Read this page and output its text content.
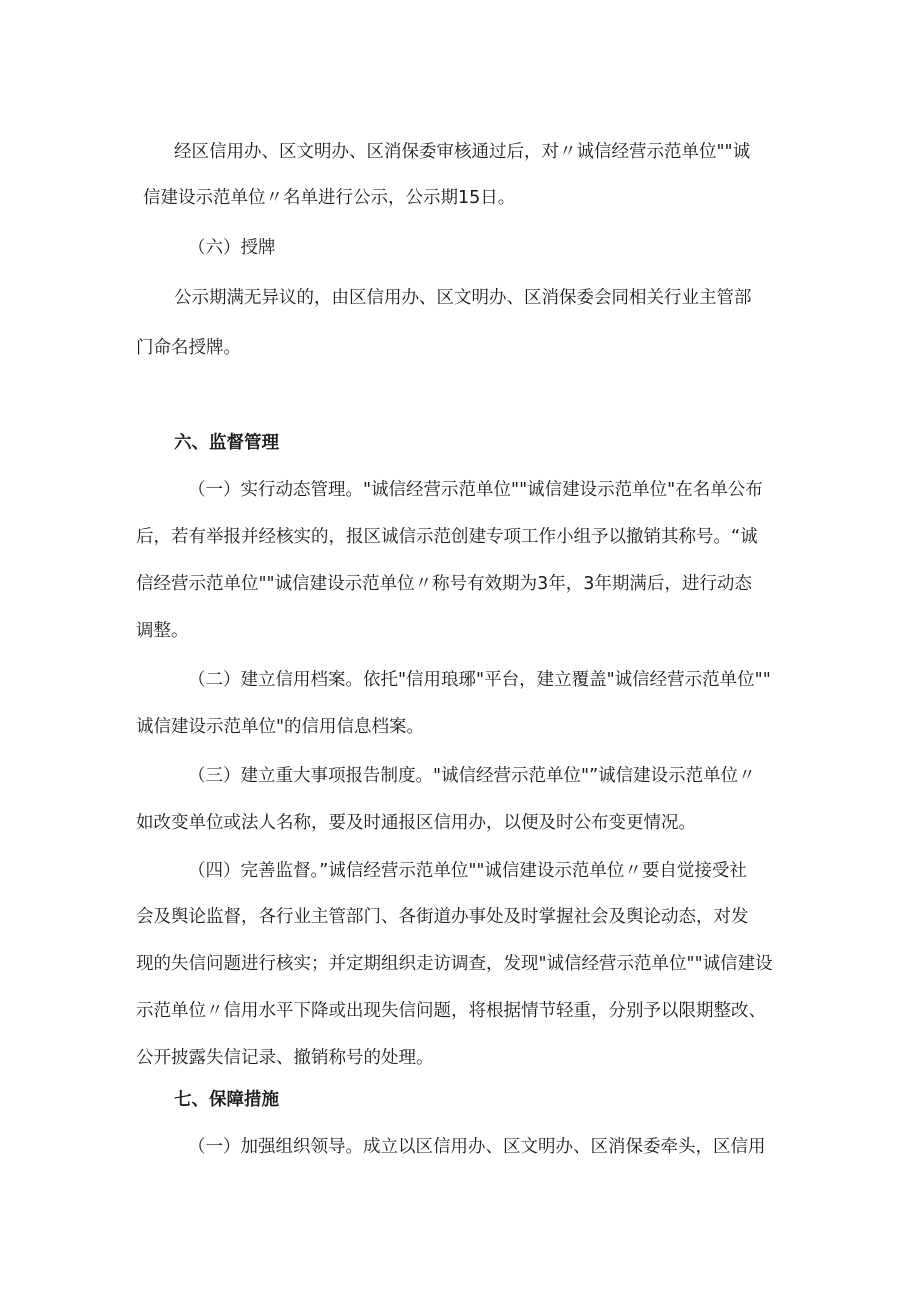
经区信用办、区文明办、区消保委审核通过后，对〃诚信经营示范单位""诚

信建设示范单位〃名单进行公示，公示期15日。

（六）授牌

公示期满无异议的，由区信用办、区文明办、区消保委会同相关行业主管部

门命名授牌。

六、监督管理

（一）实行动态管理。"诚信经营示范单位""诚信建设示范单位"在名单公布

后，若有举报并经核实的，报区诚信示范创建专项工作小组予以撤销其称号。“诚

信经营示范单位""诚信建设示范单位〃称号有效期为3年，3年期满后，进行动态

调整。

（二）建立信用档案。依托"信用琅琊"平台，建立覆盖"诚信经营示范单位""

诚信建设示范单位"的信用信息档案。

（三）建立重大事项报告制度。"诚信经营示范单位"”诚信建设示范单位〃

如改变单位或法人名称，要及时通报区信用办，以便及时公布变更情况。

（四）完善监督。”诚信经营示范单位""诚信建设示范单位〃要自觉接受社

会及舆论监督，各行业主管部门、各街道办事处及时掌握社会及舆论动态，对发

现的失信问题进行核实；并定期组织走访调查，发现"诚信经营示范单位""诚信建设

示范单位〃信用水平下降或出现失信问题，将根据情节轻重，分别予以限期整改、

公开披露失信记录、撤销称号的处理。

七、保障措施

（一）加强组织领导。成立以区信用办、区文明办、区消保委牵头，区信用
